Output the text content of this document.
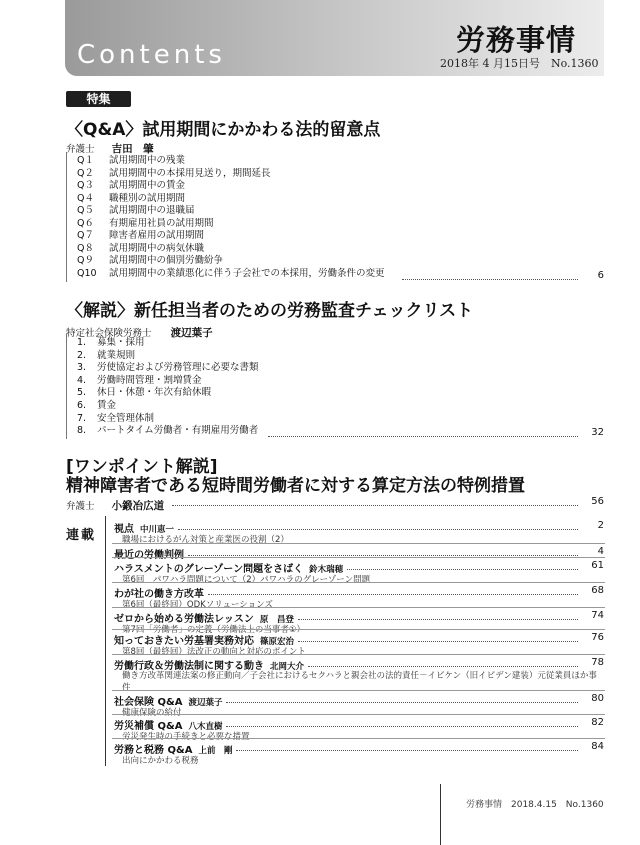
Contents	労務事情
2018年 4 月15日号　No.1360
特集
〈Q&A〉試用期間にかかわる法的留意点
弁護士 吉田　肇
Q１ 試用期間中の残業
Q２ 試用期間中の本採用見送り，期間延長
Q３ 試用期間中の賃金
Q４ 職種別の試用期間
Q５ 試用期間中の退職届
Q６ 有期雇用社員の試用期間
Q７ 障害者雇用の試用期間
Q８ 試用期間中の病気休職
Q９ 試用期間中の個別労働紛争
Q10 試用期間中の業績悪化に伴う子会社での本採用，労働条件の変更	6
〈解説〉新任担当者のための労務監査チェックリスト
特定社会保険労務士 渡辺葉子
1. 募集・採用
2. 就業規則
3. 労使協定および労務管理に必要な書類
4. 労働時間管理・割増賃金
5. 休日・休憩・年次有給休暇
6. 賃金
7. 安全管理体制
8. パートタイム労働者・有期雇用労働者	32
[ワンポイント解説]
精神障害者である短時間労働者に対する算定方法の特例措置
弁護士 小鍛冶広道	56
連載 視点 中川恵一	2
職場におけるがん対策と産業医の役割（2）
最近の労働判例	4
ハラスメントのグレーゾーン問題をさばく 鈴木瑞穂	61
第6回　パワハラ問題について（2）パワハラのグレーゾーン問題
わが社の働き方改革	68
第6回（最終回）ODKソリューションズ
ゼロから始める労働法レッスン 原　昌登	74
第7回「労働者」の定義（労働法上の当事者①）
知っておきたい労基署実務対応 篠原宏治	76
第8回（最終回）法改正の動向と対応のポイント
労働行政＆労働法制に関する動き 北岡大介	78
働き方改革関連法案の修正動向／子会社におけるセクハラと親会社の法的責任－イビケン（旧イビデン建装）元従業員ほか事件
社会保険 Q&A 渡辺葉子	80
健康保険の給付
労災補償 Q&A 八木直樹	82
労災発生時の手続きと必要な措置
労務と税務 Q&A 上前　剛	84
出向にかかわる税務
労務事情　2018.4.15　No.1360
